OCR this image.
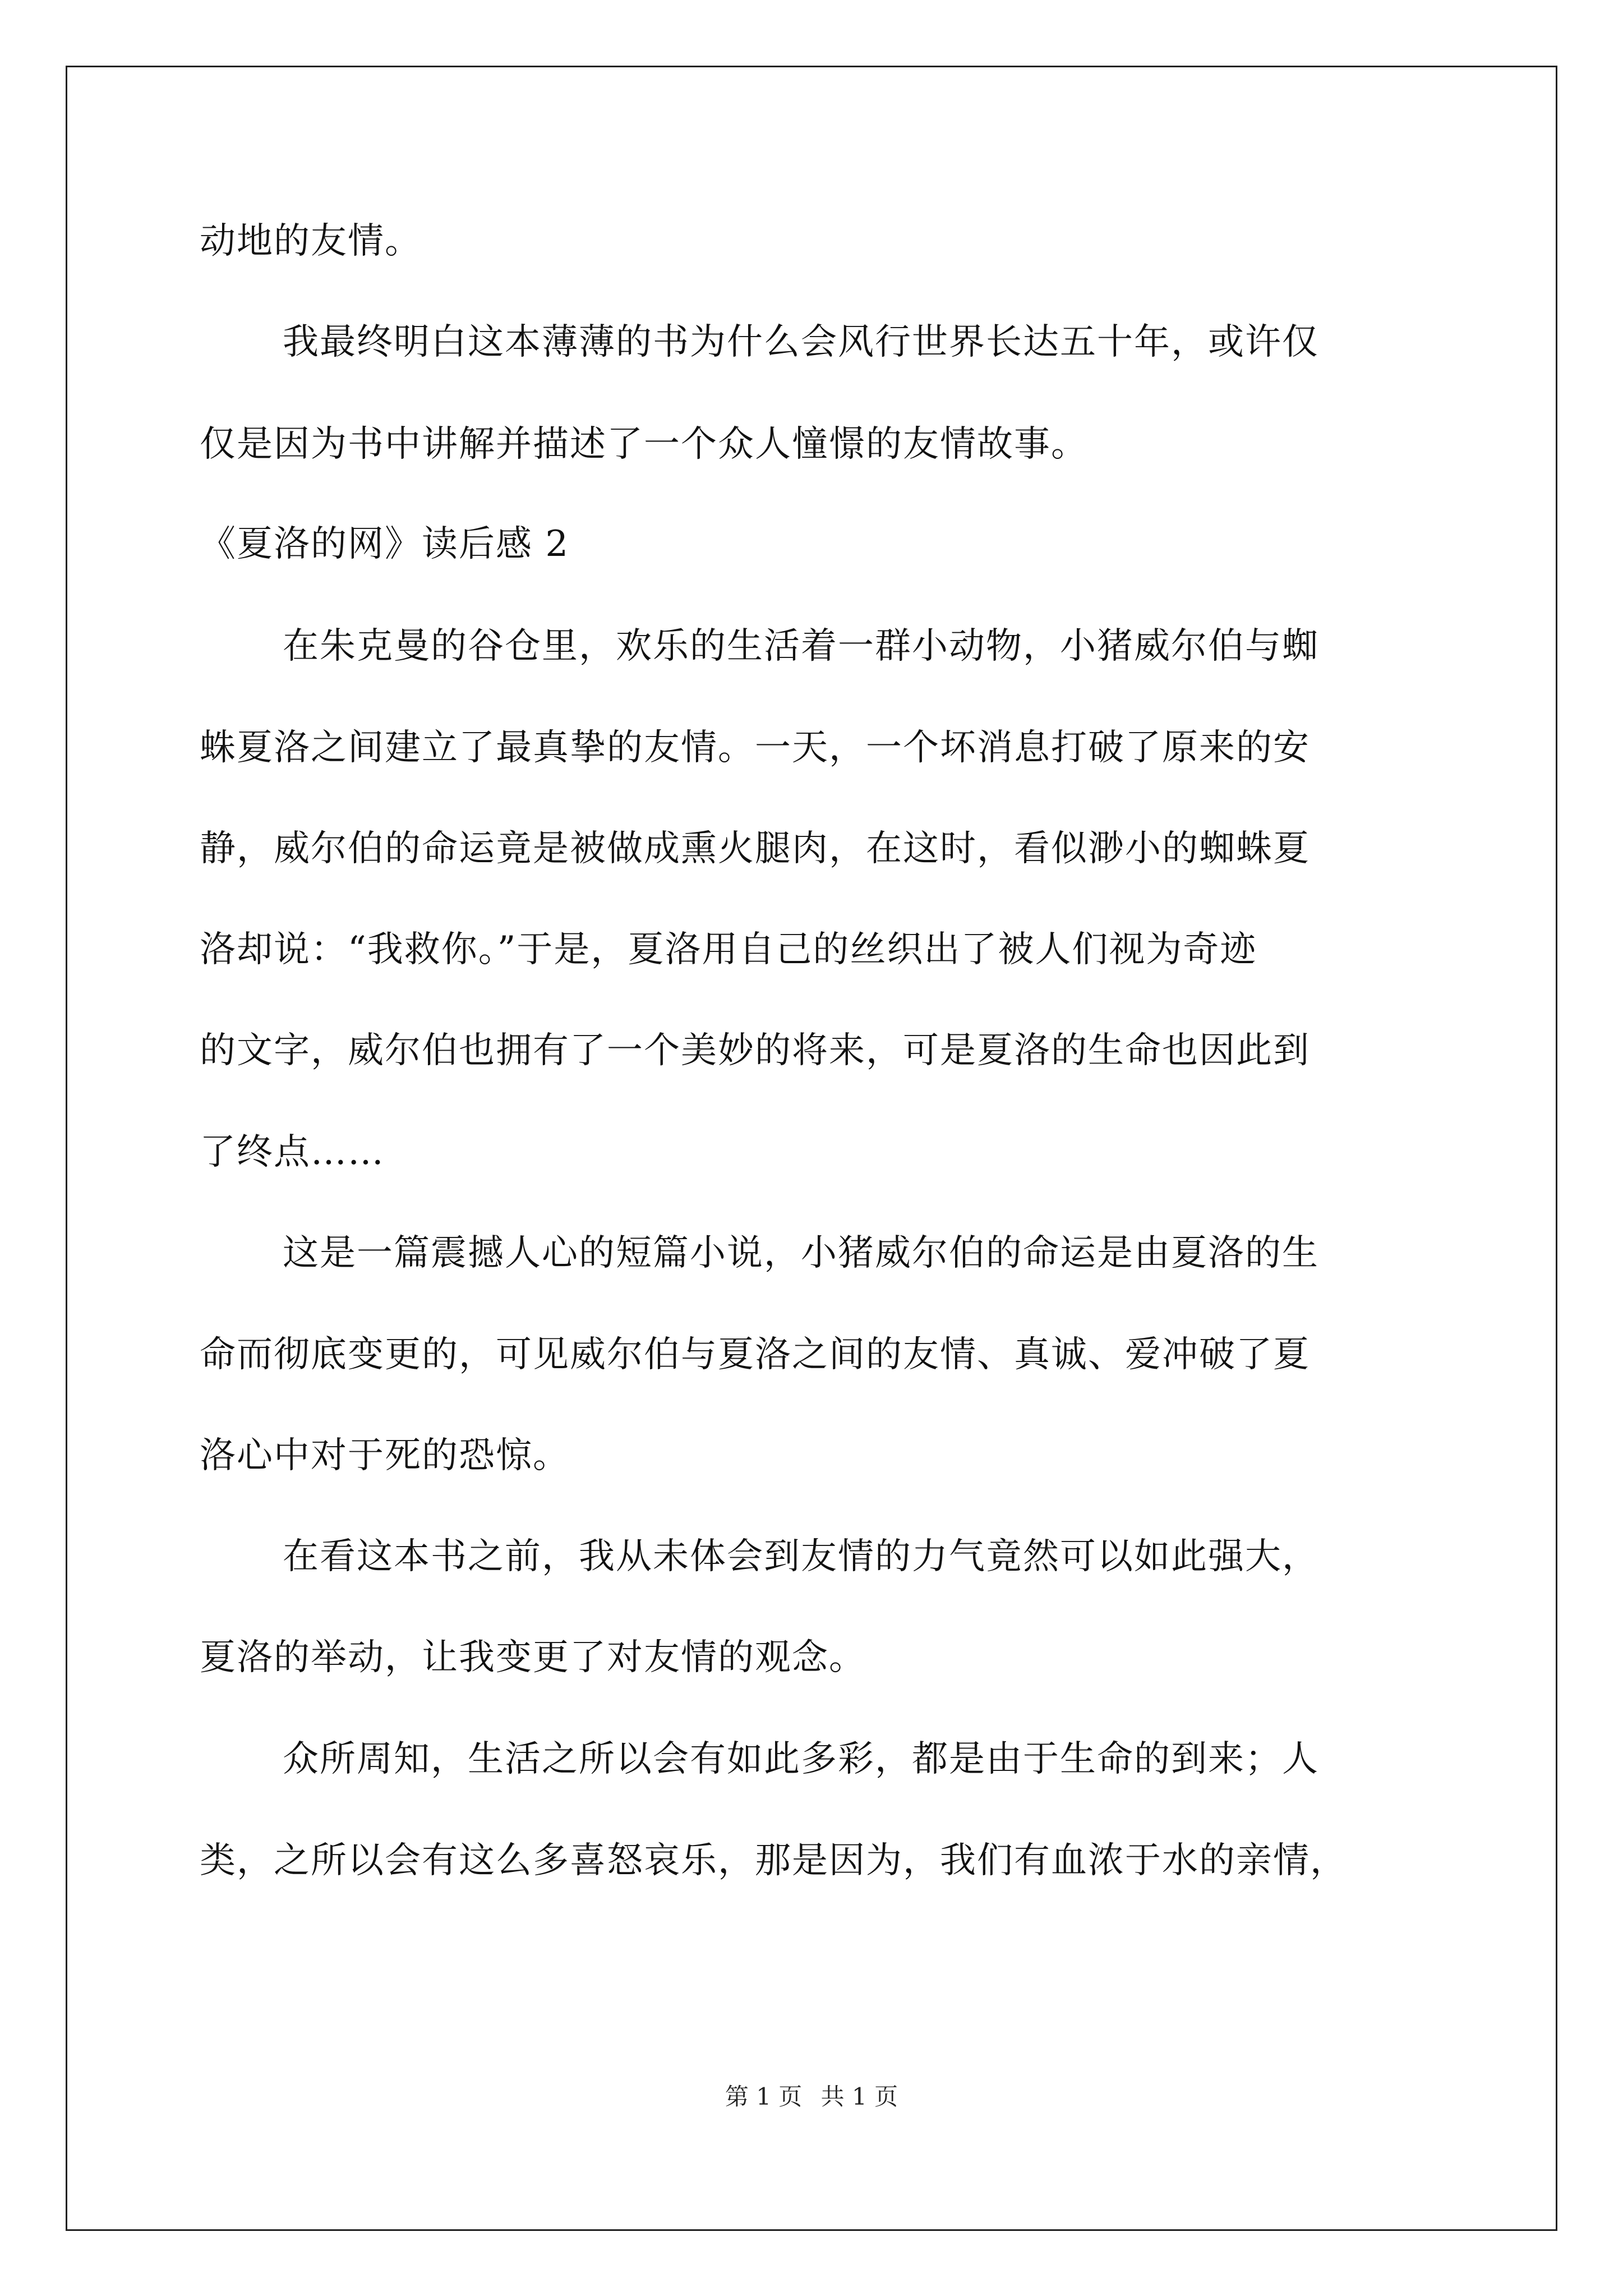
动地的友情。
我最终明白这本薄薄的书为什么会风行世界长达五十年，或许仅
仅是因为书中讲解并描述了一个众人憧憬的友情故事。
《夏洛的网》读后感 2
在朱克曼的谷仓里，欢乐的生活着一群小动物，小猪威尔伯与蜘
蛛夏洛之间建立了最真挚的友情。一天，一个坏消息打破了原来的安
静，威尔伯的命运竟是被做成熏火腿肉，在这时，看似渺小的蜘蛛夏
洛却说：“我救你。”于是，夏洛用自己的丝织出了被人们视为奇迹
的文字，威尔伯也拥有了一个美妙的将来，可是夏洛的生命也因此到
了终点……
这是一篇震撼人心的短篇小说，小猪威尔伯的命运是由夏洛的生
命而彻底变更的，可见威尔伯与夏洛之间的友情、真诚、爱冲破了夏
洛心中对于死的恐惊。
在看这本书之前，我从未体会到友情的力气竟然可以如此强大，
夏洛的举动，让我变更了对友情的观念。
众所周知，生活之所以会有如此多彩，都是由于生命的到来；人
类，之所以会有这么多喜怒哀乐，那是因为，我们有血浓于水的亲情，
第 1 页 共 1 页
